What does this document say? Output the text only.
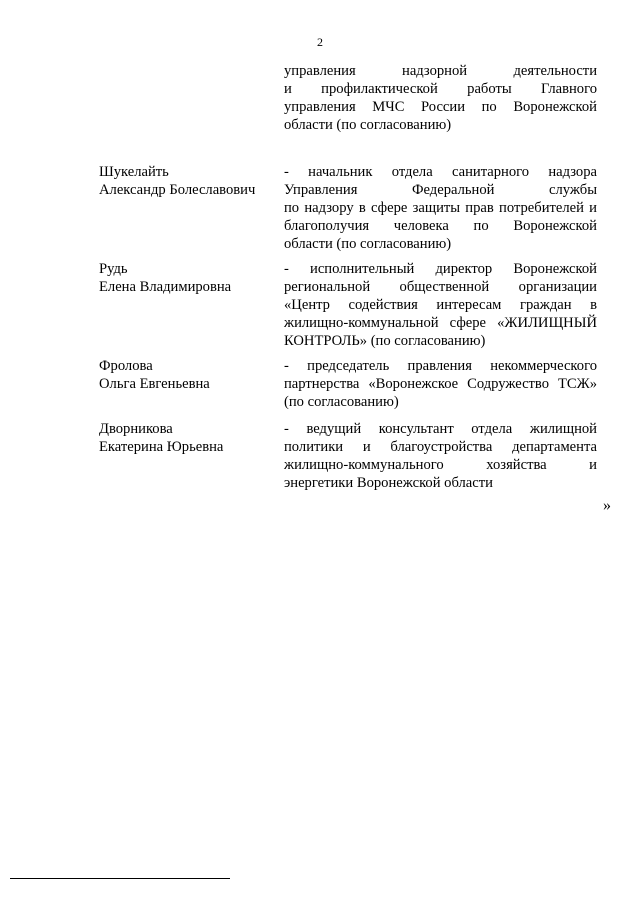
2
управления надзорной деятельности
и профилактической работы Главного
управления МЧС России по Воронежской
области (по согласованию)
Шукелайть
Александр Болеславович
- начальник отдела санитарного надзора
Управления Федеральной службы
по надзору в сфере защиты прав потребителей и
благополучия человека по Воронежской
области (по согласованию)
Рудь
Елена Владимировна
- исполнительный директор Воронежской
региональной общественной организации
«Центр содействия интересам граждан в
жилищно-коммунальной сфере «ЖИЛИЩНЫЙ
КОНТРОЛЬ» (по согласованию)
Фролова
Ольга Евгеньевна
- председатель правления некоммерческого
партнерства «Воронежское Содружество ТСЖ»
(по согласованию)
Дворникова
Екатерина Юрьевна
- ведущий консультант отдела жилищной
политики и благоустройства департамента
жилищно-коммунального хозяйства и
энергетики Воронежской области
»
